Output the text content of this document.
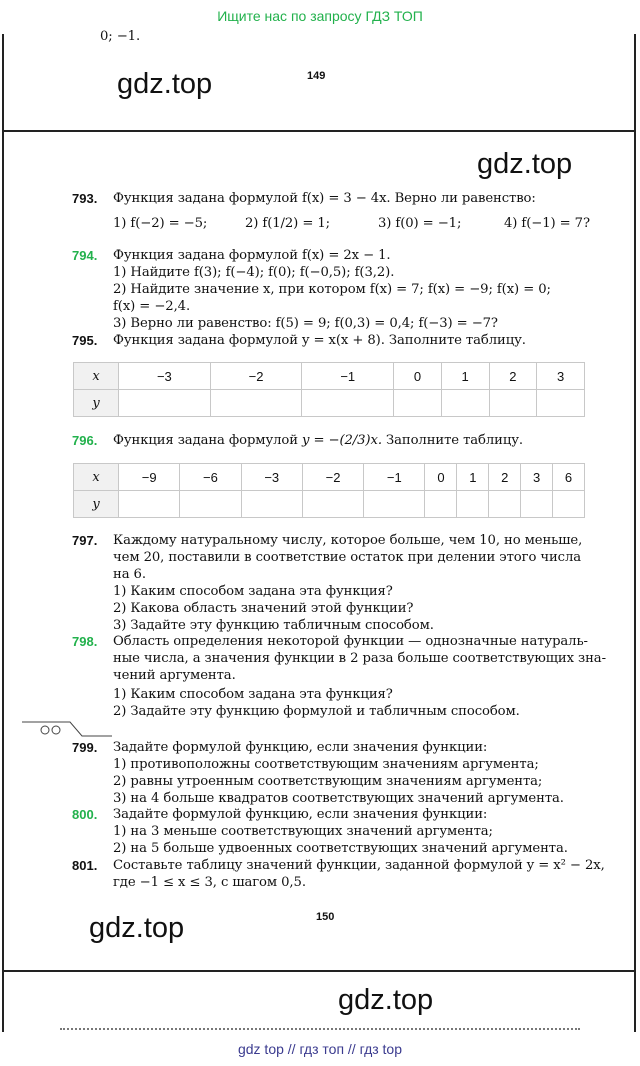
Ищите нас по запросу ГДЗ ТОП
gdz top // гдз топ // гдз top
0; −1.
gdz.top	149
gdz.top
793. Функция задана формулой f(x) = 3 − 4x. Верно ли равенство:
1) f(−2) = −5;	2) f(1/2) = 1;	3) f(0) = −1;	4) f(−1) = 7?
794. Функция задана формулой f(x) = 2x − 1.
1) Найдите f(3); f(−4); f(0); f(−0,5); f(3,2).
2) Найдите значение x, при котором f(x) = 7; f(x) = −9; f(x) = 0;
f(x) = −2,4.
3) Верно ли равенство: f(5) = 9; f(0,3) = 0,4; f(−3) = −7?
795. Функция задана формулой y = x(x + 8). Заполните таблицу.
x	−3	−2	−1	0	1	2	3
y							
796. Функция задана формулой y = −(2/3)x. Заполните таблицу.
x	−9	−6	−3	−2	−1	0	1	2	3	6
y										
797. Каждому натуральному числу, которое больше, чем 10, но меньше,
чем 20, поставили в соответствие остаток при делении этого числа
на 6.
1) Каким способом задана эта функция?
2) Какова область значений этой функции?
3) Задайте эту функцию табличным способом.
798. Область определения некоторой функции — однозначные натураль-
ные числа, а значения функции в 2 раза больше соответствующих зна-
чений аргумента.
1) Каким способом задана эта функция?
2) Задайте эту функцию формулой и табличным способом.
799. Задайте формулой функцию, если значения функции:
1) противоположны соответствующим значениям аргумента;
2) равны утроенным соответствующим значениям аргумента;
3) на 4 больше квадратов соответствующих значений аргумента.
800. Задайте формулой функцию, если значения функции:
1) на 3 меньше соответствующих значений аргумента;
2) на 5 больше удвоенных соответствующих значений аргумента.
801. Составьте таблицу значений функции, заданной формулой y = x² − 2x,
где −1 ≤ x ≤ 3, с шагом 0,5.
gdz.top	150
gdz.top
